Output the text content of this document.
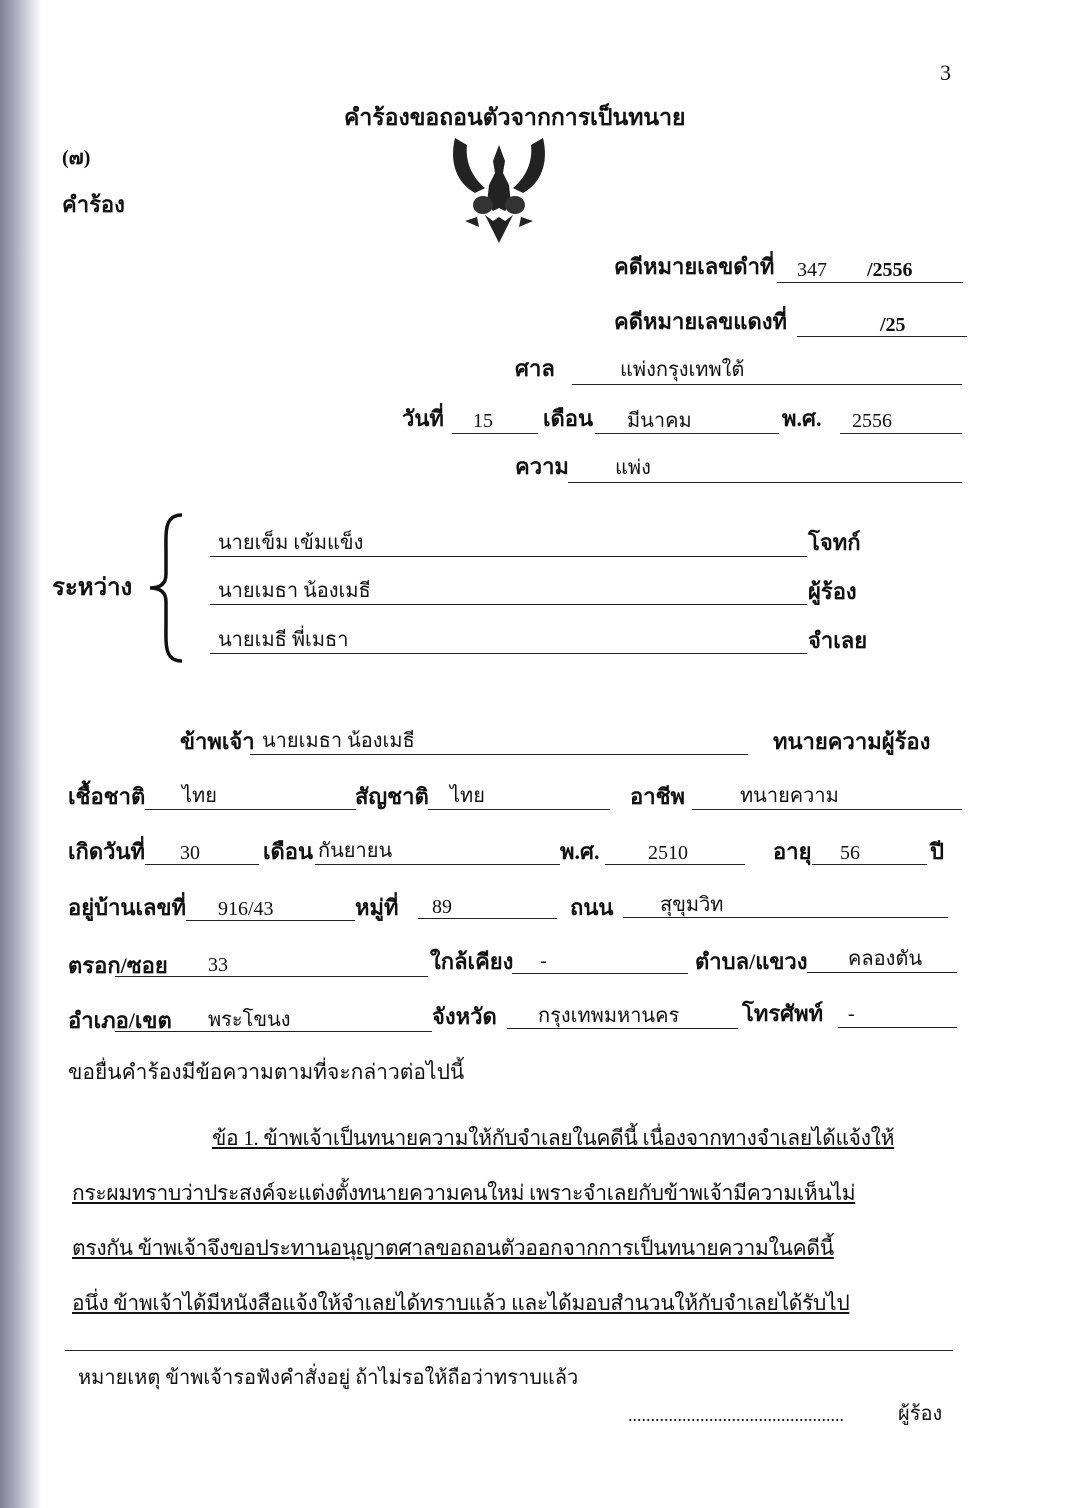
3
คำร้องขอถอนตัวจากการเป็นทนาย
(๗)
คำร้อง
คดีหมายเลขดำที่ 347 /2556
คดีหมายเลขแดงที่	/25
ศาล	แพ่งกรุงเทพใต้
วันที่ 15 เดือน มีนาคม	พ.ศ. 2556
ความ แพ่ง
ระหว่าง
นายเข็ม เข้มแข็ง	โจทก์
นายเมธา น้องเมธี	ผู้ร้อง
นายเมธี พี่เมธา	จำเลย
ข้าพเจ้า นายเมธา น้องเมธี	ทนายความผู้ร้อง
เชื้อชาติ ไทย	สัญชาติ ไทย	อาชีพ	ทนายความ
เกิดวันที่ 30	เดือน กันยายน	พ.ศ. 2510	อายุ 56	ปี
อยู่บ้านเลขที่ 916/43	หมู่ที่ 89	ถนน สุขุมวิท
ตรอก/ซอย 33	ใกล้เคียง -	ตำบล/แขวง คลองตัน
อำเภอ/เขต พระโขนง	จังหวัด กรุงเทพมหานคร	โทรศัพท์ -
ขอยื่นคำร้องมีข้อความตามที่จะกล่าวต่อไปนี้
ข้อ 1. ข้าพเจ้าเป็นทนายความให้กับจำเลยในคดีนี้ เนื่องจากทางจำเลยได้แจ้งให้
กระผมทราบว่าประสงค์จะแต่งตั้งทนายความคนใหม่ เพราะจำเลยกับข้าพเจ้ามีความเห็นไม่
ตรงกัน ข้าพเจ้าจึงขอประทานอนุญาตศาลขอถอนตัวออกจากการเป็นทนายความในคดีนี้
อนึ่ง ข้าพเจ้าได้มีหนังสือแจ้งให้จำเลยได้ทราบแล้ว และได้มอบสำนวนให้กับจำเลยได้รับไป
หมายเหตุ ข้าพเจ้ารอฟังคำสั่งอยู่ ถ้าไม่รอให้ถือว่าทราบแล้ว
................................................	ผู้ร้อง
